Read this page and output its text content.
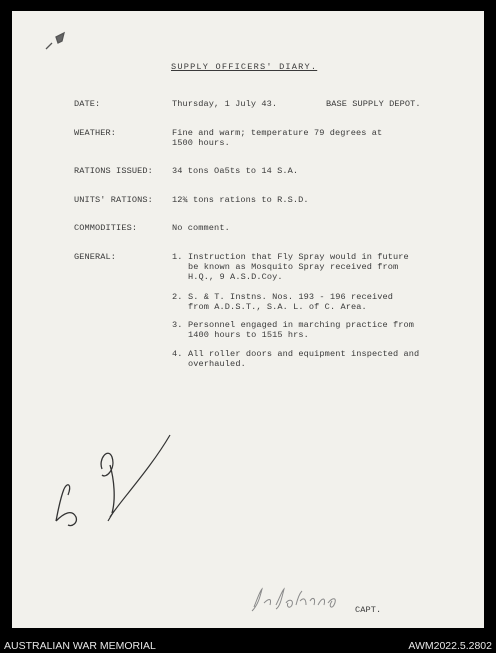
SUPPLY OFFICERS' DIARY.
DATE:	Thursday, 1 July 43.	BASE SUPPLY DEPOT.
WEATHER:	Fine and warm; temperature 79 degrees at
1500 hours.
RATIONS ISSUED: 34 tons Oa5ts to 14 S.A.
UNITS' RATIONS: 12¾ tons rations to R.S.D.
COMMODITIES:	No comment.
GENERAL:	1. Instruction that Fly Spray would in future
be known as Mosquito Spray received from
H.Q., 9 A.S.D.Coy.
2. S. & T. Instns. Nos. 193 - 196 received
from A.D.S.T., S.A. L. of C. Area.
3. Personnel engaged in marching practice from
1400 hours to 1515 hrs.
4. All roller doors and equipment inspected and
overhauled.
CAPT.
AUSTRALIAN WAR MEMORIAL	AWM2022.5.2802
